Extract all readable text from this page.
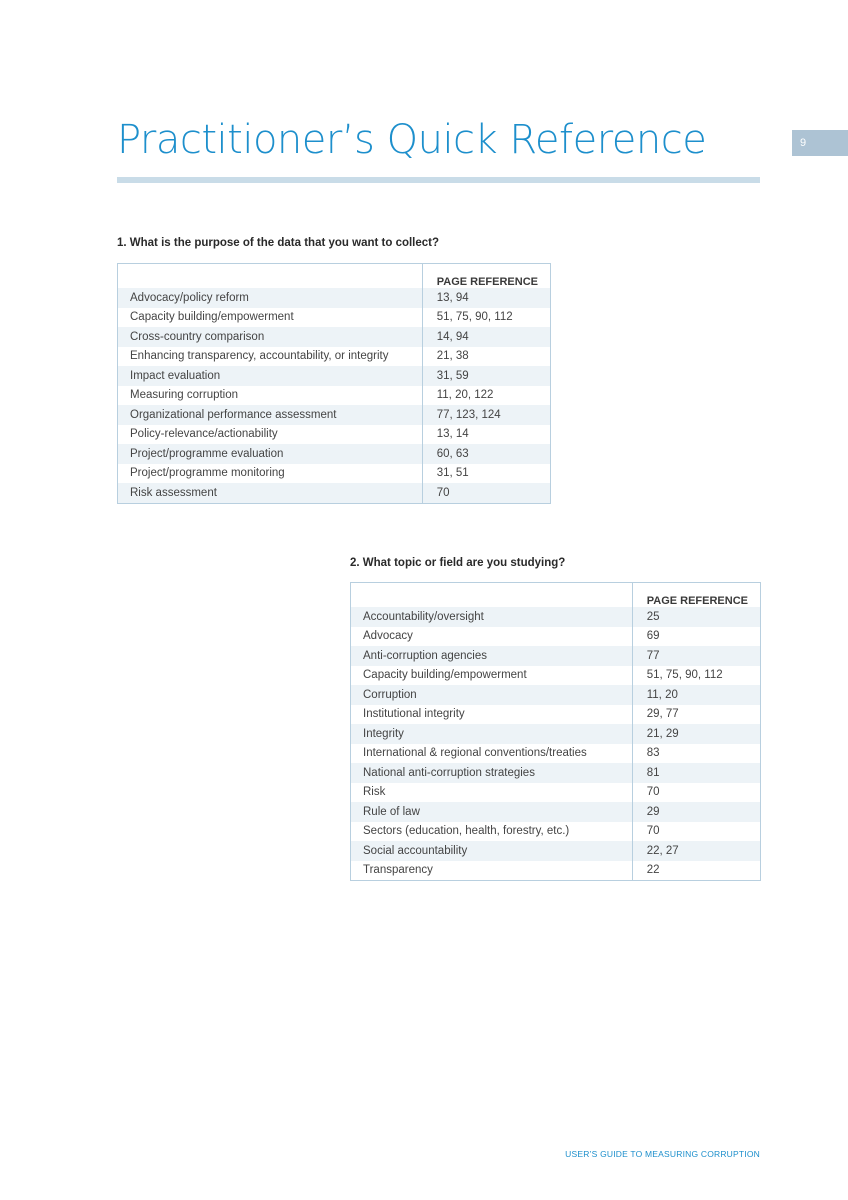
Practitioner’s Quick Reference	9
1. What is the purpose of the data that you want to collect?
	PAGE REFERENCE
Advocacy/policy reform	13, 94
Capacity building/empowerment	51, 75, 90, 112
Cross-country comparison	14, 94
Enhancing transparency, accountability, or integrity	21, 38
Impact evaluation	31, 59
Measuring corruption	11, 20, 122
Organizational performance assessment	77, 123, 124
Policy-relevance/actionability	13, 14
Project/programme evaluation	60, 63
Project/programme monitoring	31, 51
Risk assessment	70
2. What topic or field are you studying?
	PAGE REFERENCE
Accountability/oversight	25
Advocacy	69
Anti-corruption agencies	77
Capacity building/empowerment	51, 75, 90, 112
Corruption	11, 20
Institutional integrity	29, 77
Integrity	21, 29
International & regional conventions/treaties	83
National anti-corruption strategies	81
Risk	70
Rule of law	29
Sectors (education, health, forestry, etc.)	70
Social accountability	22, 27
Transparency	22
USER’S GUIDE TO MEASURING CORRUPTION
